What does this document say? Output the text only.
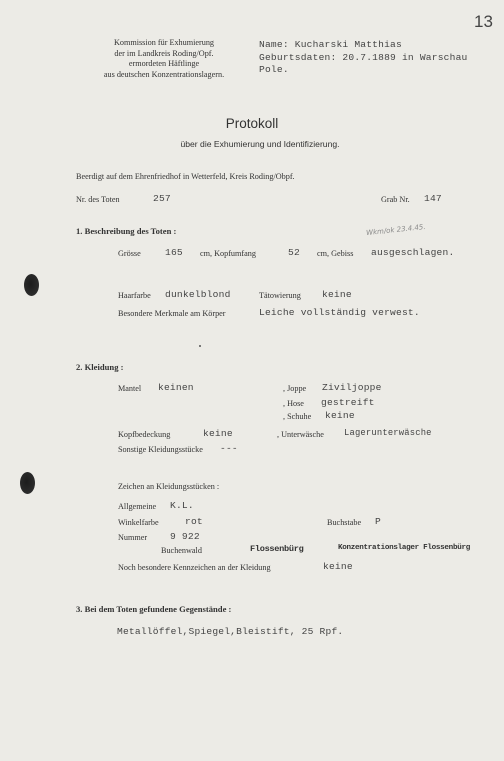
13
Kommission für Exhumierung
der im Landkreis Roding/Opf.
ermordeten Häftlinge
aus deutschen Konzentrationslagern.
Name: Kucharski Matthias
Geburtsdaten: 20.7.1889 in Warschau
Pole.
Protokoll
über die Exhumierung und Identifizierung.
Beerdigt auf dem Ehrenfriedhof in Wetterfeld, Kreis Roding/Obpf.
Nr. des Toten	257	Grab Nr. 147
1. Beschreibung des Toten :	Wkm/ok 23.4.45.
Grösse	165 cm, Kopfumfang	52 cm, Gebiss ausgeschlagen.
Haarfarbe dunkelblond	Tätowierung keine
Besondere Merkmale am Körper	Leiche vollständig verwest.
2. Kleidung :
Mantel keinen	, Joppe Ziviljoppe
, Hose gestreift
, Schuhe keine
Kopfbedeckung	keine	, Unterwäsche Lagerunterwäsche
Sonstige Kleidungsstücke ---
Zeichen an Kleidungsstücken :
Allgemeine K.L.
Winkelfarbe	rot	Buchstabe P
Nummer 9 922
Buchenwald	Flossenbürg	Konzentrationslager Flossenbürg
Noch besondere Kennzeichen an der Kleidung	keine
3. Bei dem Toten gefundene Gegenstände :
Metallöffel,Spiegel,Bleistift, 25 Rpf.
